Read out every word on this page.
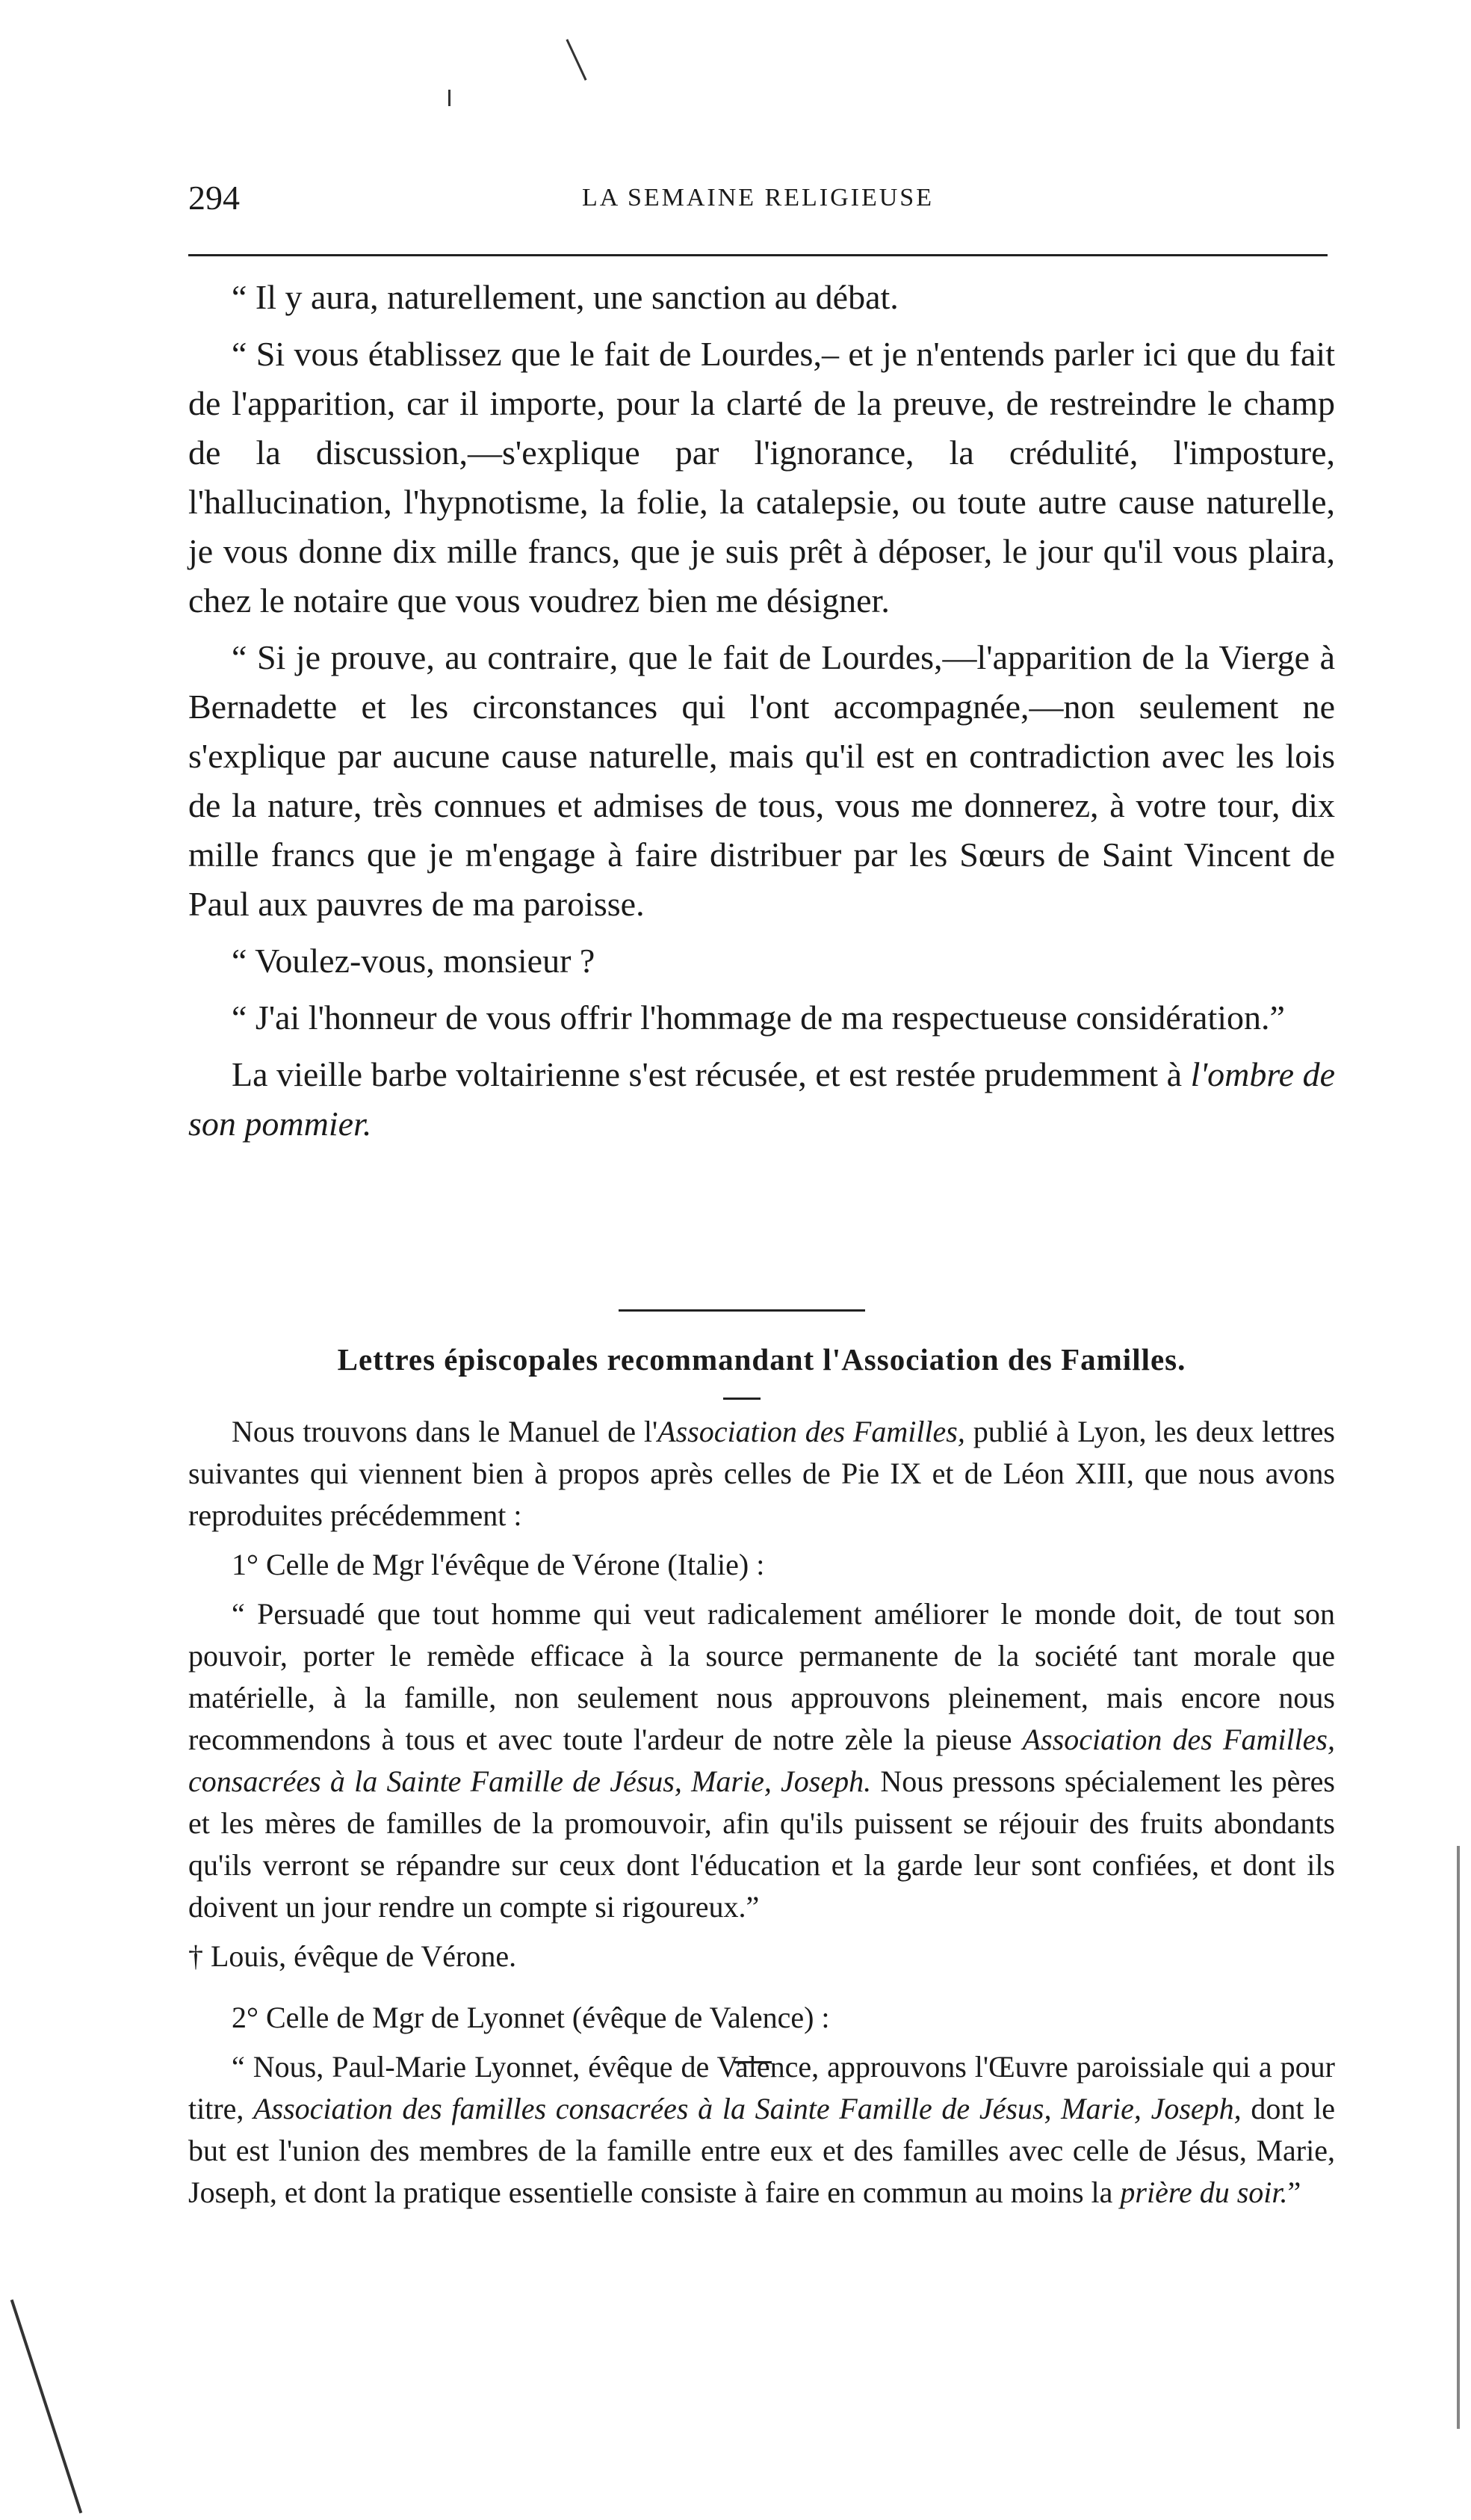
294	LA SEMAINE RELIGIEUSE

“ Il y aura, naturellement, une sanction au débat.

“ Si vous établissez que le fait de Lourdes,– et je n'entends parler ici que du fait de l'apparition, car il importe, pour la clarté de la preuve, de restreindre le champ de la discussion,—s'explique par l'ignorance, la crédulité, l'imposture, l'hallucination, l'hypnotisme, la folie, la catalepsie, ou toute autre cause naturelle, je vous donne dix mille francs, que je suis prêt à déposer, le jour qu'il vous plaira, chez le notaire que vous voudrez bien me désigner.

“ Si je prouve, au contraire, que le fait de Lourdes,—l'apparition de la Vierge à Bernadette et les circonstances qui l'ont accompagnée,—non seulement ne s'explique par aucune cause naturelle, mais qu'il est en contradiction avec les lois de la nature, très connues et admises de tous, vous me donnerez, à votre tour, dix mille francs que je m'engage à faire distribuer par les Sœurs de Saint Vincent de Paul aux pauvres de ma paroisse.

“ Voulez-vous, monsieur ?

“ J'ai l'honneur de vous offrir l'hommage de ma respectueuse considération.”

La vieille barbe voltairienne s'est récusée, et est restée prudemment à l'ombre de son pommier.

Lettres épiscopales recommandant l'Association des Familles.

Nous trouvons dans le Manuel de l'Association des Familles, publié à Lyon, les deux lettres suivantes qui viennent bien à propos après celles de Pie IX et de Léon XIII, que nous avons reproduites précédemment :

1° Celle de Mgr l'évêque de Vérone (Italie) :

“ Persuadé que tout homme qui veut radicalement améliorer le monde doit, de tout son pouvoir, porter le remède efficace à la source permanente de la société tant morale que matérielle, à la famille, non seulement nous approuvons pleinement, mais encore nous recommendons à tous et avec toute l'ardeur de notre zèle la pieuse Association des Familles, consacrées à la Sainte Famille de Jésus, Marie, Joseph. Nous pressons spécialement les pères et les mères de familles de la promouvoir, afin qu'ils puissent se réjouir des fruits abondants qu'ils verront se répandre sur ceux dont l'éducation et la garde leur sont confiées, et dont ils doivent un jour rendre un compte si rigoureux.”

† Louis, évêque de Vérone.

2° Celle de Mgr de Lyonnet (évêque de Valence) :

“ Nous, Paul-Marie Lyonnet, évêque de Valence, approuvons l'Œuvre paroissiale qui a pour titre, Association des familles consacrées à la Sainte Famille de Jésus, Marie, Joseph, dont le but est l'union des membres de la famille entre eux et des familles avec celle de Jésus, Marie, Joseph, et dont la pratique essentielle consiste à faire en commun au moins la prière du soir.”
